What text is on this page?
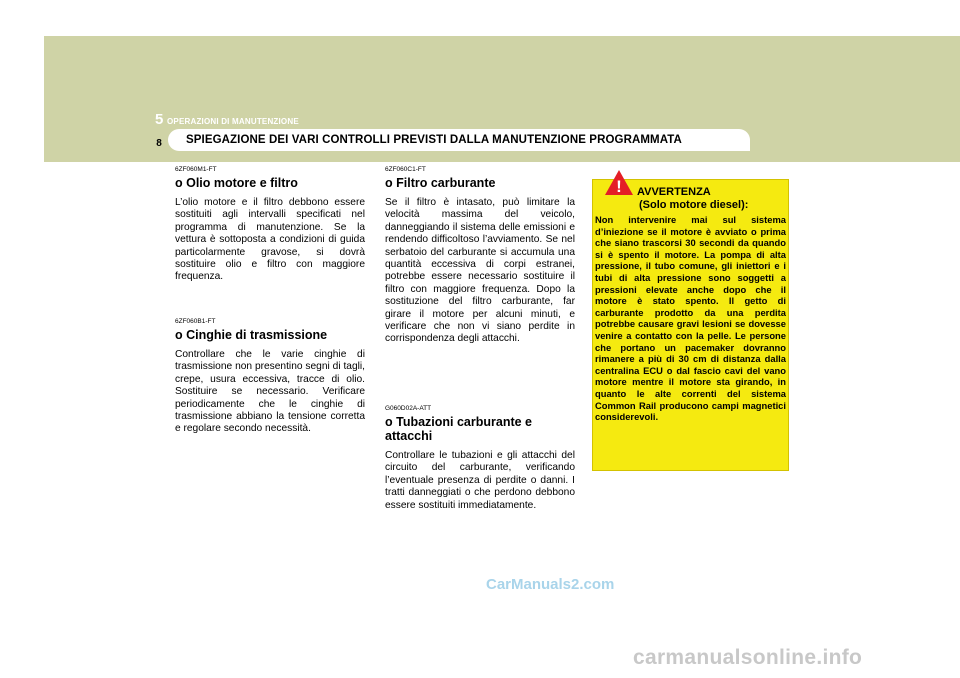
5 OPERAZIONI DI MANUTENZIONE
8	SPIEGAZIONE DEI VARI CONTROLLI PREVISTI DALLA MANUTENZIONE PROGRAMMATA
6ZF060M1-FT
o Olio motore e filtro

L’olio motore e il filtro debbono essere sostituiti agli intervalli specificati nel programma di manutenzione. Se la vettura è sottoposta a condizioni di guida particolarmente gravose, si dovrà sostituire olio e filtro con maggiore frequenza.

6ZF060B1-FT
o Cinghie di trasmissione

Controllare che le varie cinghie di trasmissione non presentino segni di tagli, crepe, usura eccessiva, tracce di olio. Sostituire se necessario. Verificare periodicamente che le cinghie di trasmissione abbiano la tensione corretta e regolare secondo necessità.

6ZF060C1-FT
o Filtro carburante

Se il filtro è intasato, può limitare la velocità massima del veicolo, danneggiando il sistema delle emissioni e rendendo difficoltoso l’avviamento. Se nel serbatoio del carburante si accumula una quantità eccessiva di corpi estranei, potrebbe essere necessario sostituire il filtro con maggiore frequenza. Dopo la sostituzione del filtro carburante, far girare il motore per alcuni minuti, e verificare che non vi siano perdite in corrispondenza degli attacchi.

G060D02A-ATT
o Tubazioni carburante e attacchi

Controllare le tubazioni e gli attacchi del circuito del carburante, verificando l’eventuale presenza di perdite o danni. I tratti danneggiati o che perdono debbono essere sostituiti immediatamente.

! AVVERTENZA
(Solo motore diesel):
Non intervenire mai sul sistema d’iniezione se il motore è avviato o prima che siano trascorsi 30 secondi da quando si è spento il motore. La pompa di alta pressione, il tubo comune, gli iniettori e i tubi di alta pressione sono soggetti a pressioni elevate anche dopo che il motore è stato spento. Il getto di carburante prodotto da una perdita potrebbe causare gravi lesioni se dovesse venire a contatto con la pelle. Le persone che portano un pacemaker dovranno rimanere a più di 30 cm di distanza dalla centralina ECU o dal fascio cavi del vano motore mentre il motore sta girando, in quanto le alte correnti del sistema Common Rail producono campi magnetici considerevoli.
CarManuals2.com
carmanualsonline.info
